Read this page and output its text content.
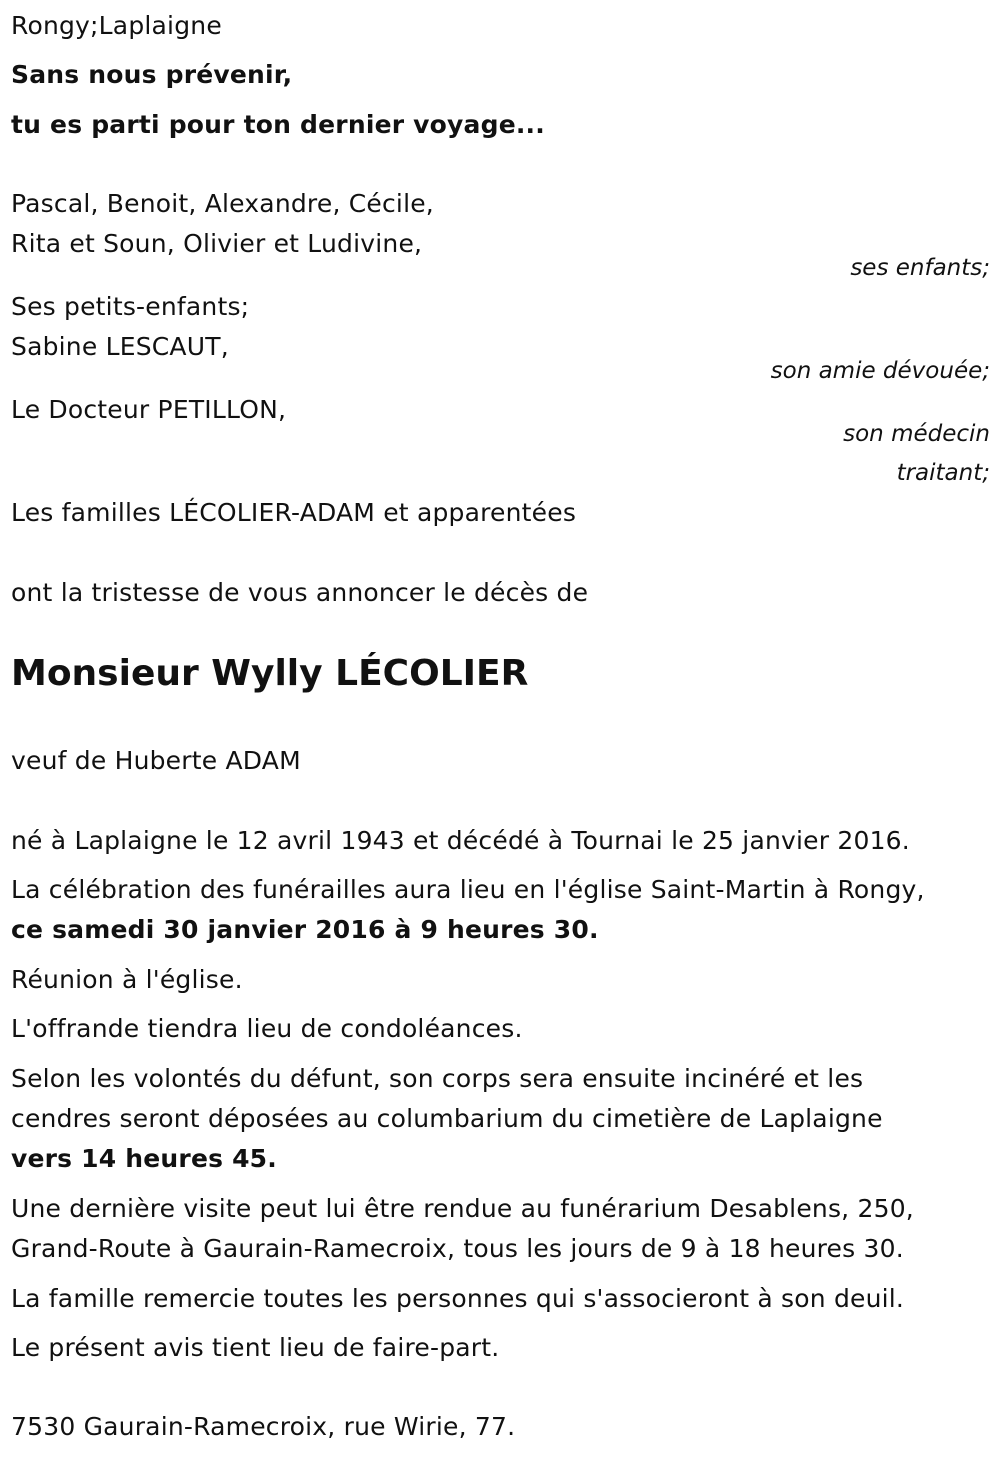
Rongy;Laplaigne

Sans nous prévenir,

tu es parti pour ton dernier voyage...

Pascal, Benoit, Alexandre, Cécile,

Rita et Soun, Olivier et Ludivine,

ses enfants;

Ses petits-enfants;

Sabine LESCAUT,

son amie dévouée;

Le Docteur PETILLON,

son médecin

traitant;

Les familles LÉCOLIER-ADAM et apparentées

ont la tristesse de vous annoncer le décès de

Monsieur Wylly LÉCOLIER

veuf de Huberte ADAM

né à Laplaigne le 12 avril 1943 et décédé à Tournai le 25 janvier 2016.

La célébration des funérailles aura lieu en l'église Saint-Martin à Rongy,

ce samedi 30 janvier 2016 à 9 heures 30.

Réunion à l'église.

L'offrande tiendra lieu de condoléances.

Selon les volontés du défunt, son corps sera ensuite incinéré et les

cendres seront déposées au columbarium du cimetière de Laplaigne

vers 14 heures 45.

Une dernière visite peut lui être rendue au funérarium Desablens, 250,

Grand-Route à Gaurain-Ramecroix, tous les jours de 9 à 18 heures 30.

La famille remercie toutes les personnes qui s'associeront à son deuil.

Le présent avis tient lieu de faire-part.

7530 Gaurain-Ramecroix, rue Wirie, 77.
